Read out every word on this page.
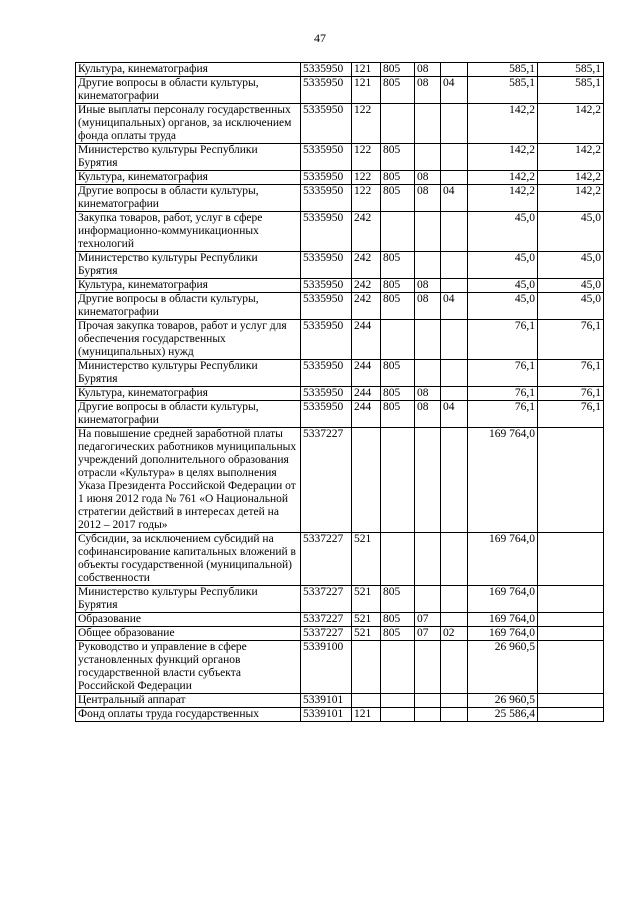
47
Культура, кинематография	5335950	121	805	08		585,1	585,1
Другие вопросы в области культуры, кинематографии	5335950	121	805	08	04	585,1	585,1
Иные выплаты персоналу государственных (муниципальных) органов, за исключением фонда оплаты труда	5335950	122				142,2	142,2
Министерство культуры Республики Бурятия	5335950	122	805			142,2	142,2
Культура, кинематография	5335950	122	805	08		142,2	142,2
Другие вопросы в области культуры, кинематографии	5335950	122	805	08	04	142,2	142,2
Закупка товаров, работ, услуг в сфере информационно-коммуникационных технологий	5335950	242				45,0	45,0
Министерство культуры Республики Бурятия	5335950	242	805			45,0	45,0
Культура, кинематография	5335950	242	805	08		45,0	45,0
Другие вопросы в области культуры, кинематографии	5335950	242	805	08	04	45,0	45,0
Прочая закупка товаров, работ и услуг для обеспечения государственных (муниципальных) нужд	5335950	244				76,1	76,1
Министерство культуры Республики Бурятия	5335950	244	805			76,1	76,1
Культура, кинематография	5335950	244	805	08		76,1	76,1
Другие вопросы в области культуры, кинематографии	5335950	244	805	08	04	76,1	76,1
На повышение средней заработной платы педагогических работников муниципальных учреждений дополнительного образования отрасли «Культура» в целях выполнения Указа Президента Российской Федерации от 1 июня 2012 года № 761 «О Национальной стратегии действий в интересах детей на 2012 – 2017 годы»	5337227					169 764,0	
Субсидии, за исключением субсидий на софинансирование капитальных вложений в объекты государственной (муниципальной) собственности	5337227	521				169 764,0	
Министерство культуры Республики Бурятия	5337227	521	805			169 764,0	
Образование	5337227	521	805	07		169 764,0	
Общее образование	5337227	521	805	07	02	169 764,0	
Руководство и управление в сфере установленных функций органов государственной власти субъекта Российской Федерации	5339100					26 960,5	
Центральный аппарат	5339101					26 960,5	
Фонд оплаты труда государственных	5339101	121				25 586,4	
